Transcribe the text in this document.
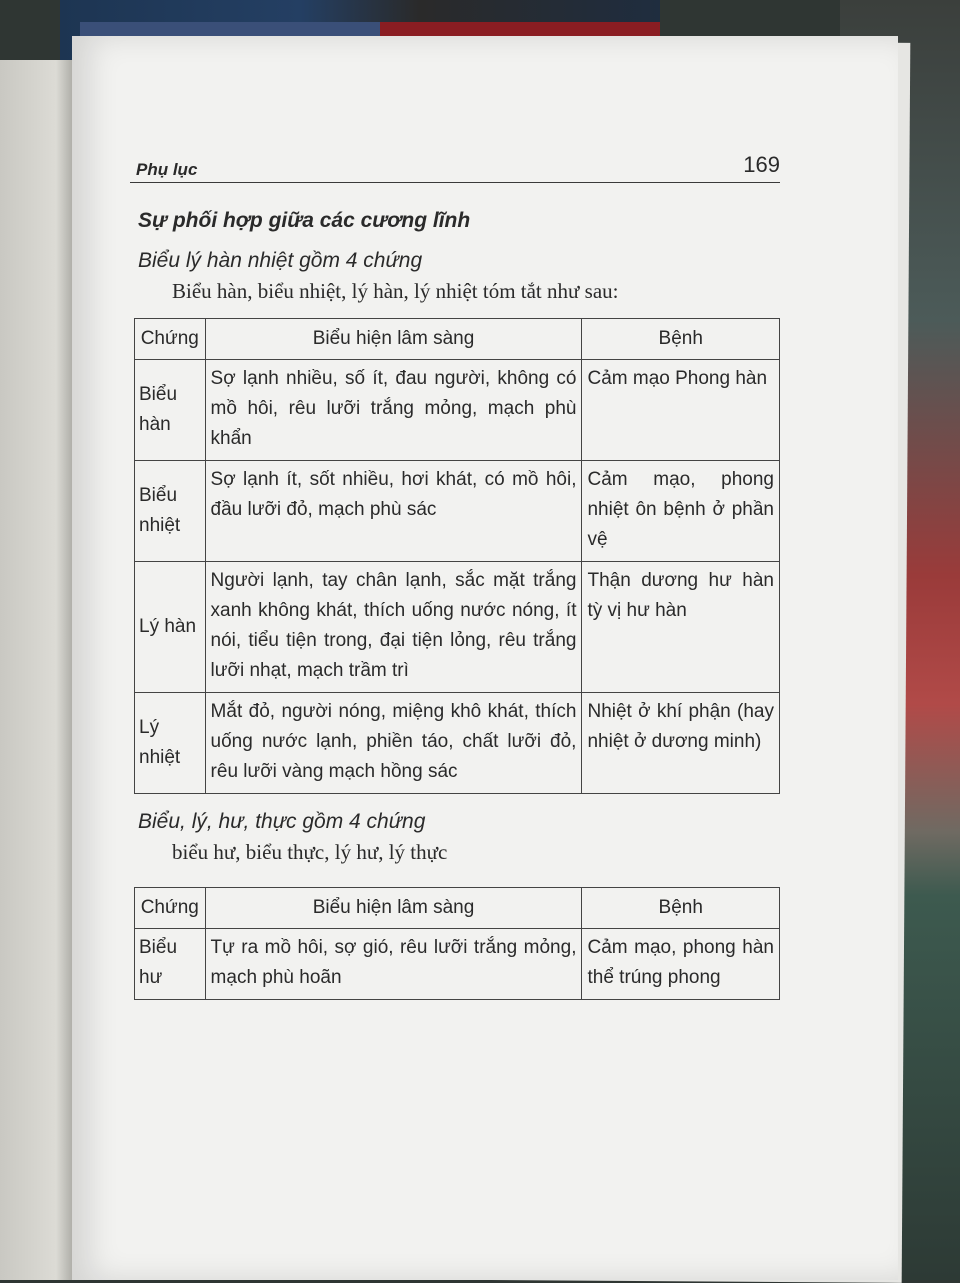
Phụ lục	169
Sự phối hợp giữa các cương lĩnh
Biểu lý hàn nhiệt gồm 4 chứng
Biểu hàn, biểu nhiệt, lý hàn, lý nhiệt tóm tắt như sau:
Chứng	Biểu hiện lâm sàng	Bệnh
Biểu hàn	Sợ lạnh nhiều, số ít, đau người, không có mồ hôi, rêu lưỡi trắng mỏng, mạch phù khẩn	Cảm mạo Phong hàn
Biểu nhiệt	Sợ lạnh ít, sốt nhiều, hơi khát, có mồ hôi, đầu lưỡi đỏ, mạch phù sác	Cảm mạo, phong nhiệt ôn bệnh ở phần vệ
Lý hàn	Người lạnh, tay chân lạnh, sắc mặt trắng xanh không khát, thích uống nước nóng, ít nói, tiểu tiện trong, đại tiện lỏng, rêu trắng lưỡi nhạt, mạch trầm trì	Thận dương hư hàn tỳ vị hư hàn
Lý nhiệt	Mắt đỏ, người nóng, miệng khô khát, thích uống nước lạnh, phiền táo, chất lưỡi đỏ, rêu lưỡi vàng mạch hồng sác	Nhiệt ở khí phận (hay nhiệt ở dương minh)
Biểu, lý, hư, thực gồm 4 chứng
biểu hư, biểu thực, lý hư, lý thực
Chứng	Biểu hiện lâm sàng	Bệnh
Biểu hư	Tự ra mồ hôi, sợ gió, rêu lưỡi trắng mỏng, mạch phù hoãn	Cảm mạo, phong hàn thể trúng phong
